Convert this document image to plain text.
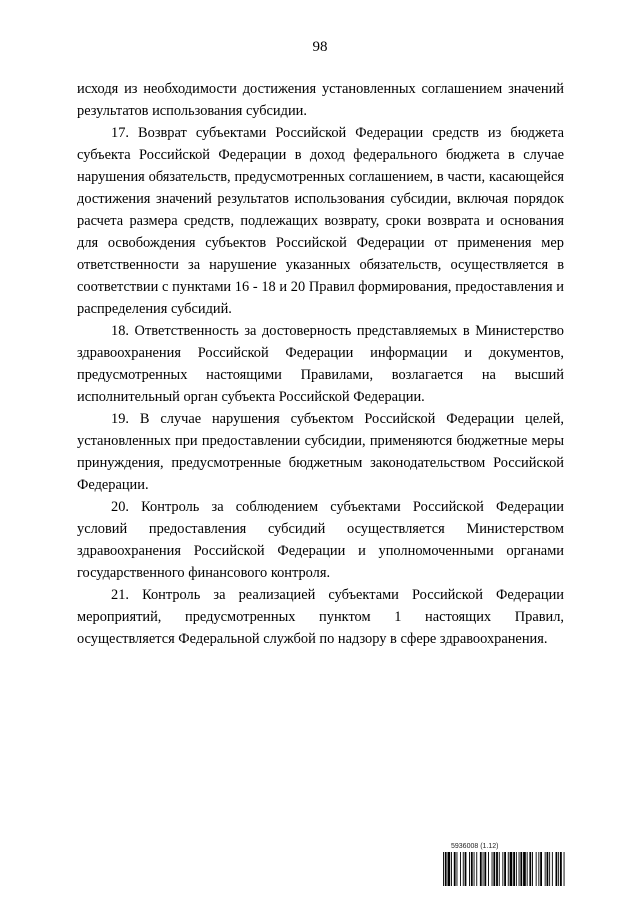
98

исходя из необходимости достижения установленных соглашением значений результатов использования субсидии.

17. Возврат субъектами Российской Федерации средств из бюджета субъекта Российской Федерации в доход федерального бюджета в случае нарушения обязательств, предусмотренных соглашением, в части, касающейся достижения значений результатов использования субсидии, включая порядок расчета размера средств, подлежащих возврату, сроки возврата и основания для освобождения субъектов Российской Федерации от применения мер ответственности за нарушение указанных обязательств, осуществляется в соответствии с пунктами 16 - 18 и 20 Правил формирования, предоставления и распределения субсидий.

18. Ответственность за достоверность представляемых в Министерство здравоохранения Российской Федерации информации и документов, предусмотренных настоящими Правилами, возлагается на высший исполнительный орган субъекта Российской Федерации.

19. В случае нарушения субъектом Российской Федерации целей, установленных при предоставлении субсидии, применяются бюджетные меры принуждения, предусмотренные бюджетным законодательством Российской Федерации.

20. Контроль за соблюдением субъектами Российской Федерации условий предоставления субсидий осуществляется Министерством здравоохранения Российской Федерации и уполномоченными органами государственного финансового контроля.

21. Контроль за реализацией субъектами Российской Федерации мероприятий, предусмотренных пунктом 1 настоящих Правил, осуществляется Федеральной службой по надзору в сфере здравоохранения.

5936008 (1.12)
